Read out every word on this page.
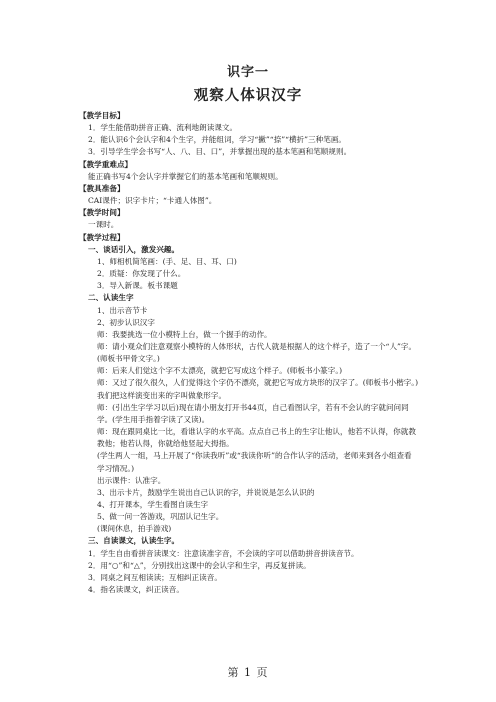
识字一
观察人体识汉字
【教学目标】
1．学生能借助拼音正确、流利地朗读课文。
2．能认识6个会认字和4个生字，并能组词，学习“撇”“捺”“横折”三种笔画。
3．引导学生学会书写“人、八、目、口”，并掌握出现的基本笔画和笔顺规则。
【教学重难点】
能正确书写4个会认字并掌握它们的基本笔画和笔顺规则。
【教具准备】
CAI课件；识字卡片；“卡通人体图”。
【教学时间】
一课时。
【教学过程】
一、谈话引入，激发兴趣。
1、师相机简笔画：(手、足、目、耳、口)
2．质疑：你发现了什么。
3．导入新课。板书课题
二、认读生字
1、出示音节卡
2、初步认识汉字
师：我要挑选一位小模特上台，做一个握手的动作。
师：请小观众们注意观察小模特的人体形状，古代人就是根据人的这个样子，造了一个“人”字。(师板书甲骨文字。)
师：后来人们觉这个字不太漂亮，就把它写成这个样子。(师板书小篆字。)
师：又过了很久很久，人们觉得这个字仍不漂亮，就把它写成方块形的汉字了。(师板书小楷字。)我们把这样演变出来的字叫做象形字。
师：(引出生字学习以后)现在请小朋友打开书44页，自己看图认字，若有不会认的字就问问同学。(学生用手指着字读了又读)。
师：现在跟同桌比一比，看谁认字的水平高。点点自己书上的生字让他认，他若不认得，你就教教他；他若认得，你就给他竖起大拇指。
(学生两人一组，马上开展了“你读我听”或“我读你听”的合作认字的活动，老师来到各小组查看学习情况。)
出示课件：认准字。
3、出示卡片，鼓励学生说出自己认识的字，并说说是怎么认识的
4、打开课本，学生看图自读生字
5、做一问一答游戏，巩固认记生字。
(课间休息，拍手游戏)
三、自读课文，认读生字。
1．学生自由看拼音读课文：注意读准字音，不会读的字可以借助拼音拼读音节。
2．用“○”和“△”，分别找出这课中的会认字和生字，再反复拼读。
3．同桌之间互相读读；互相纠正读音。
4．指名读课文，纠正读音。
第 1 页
